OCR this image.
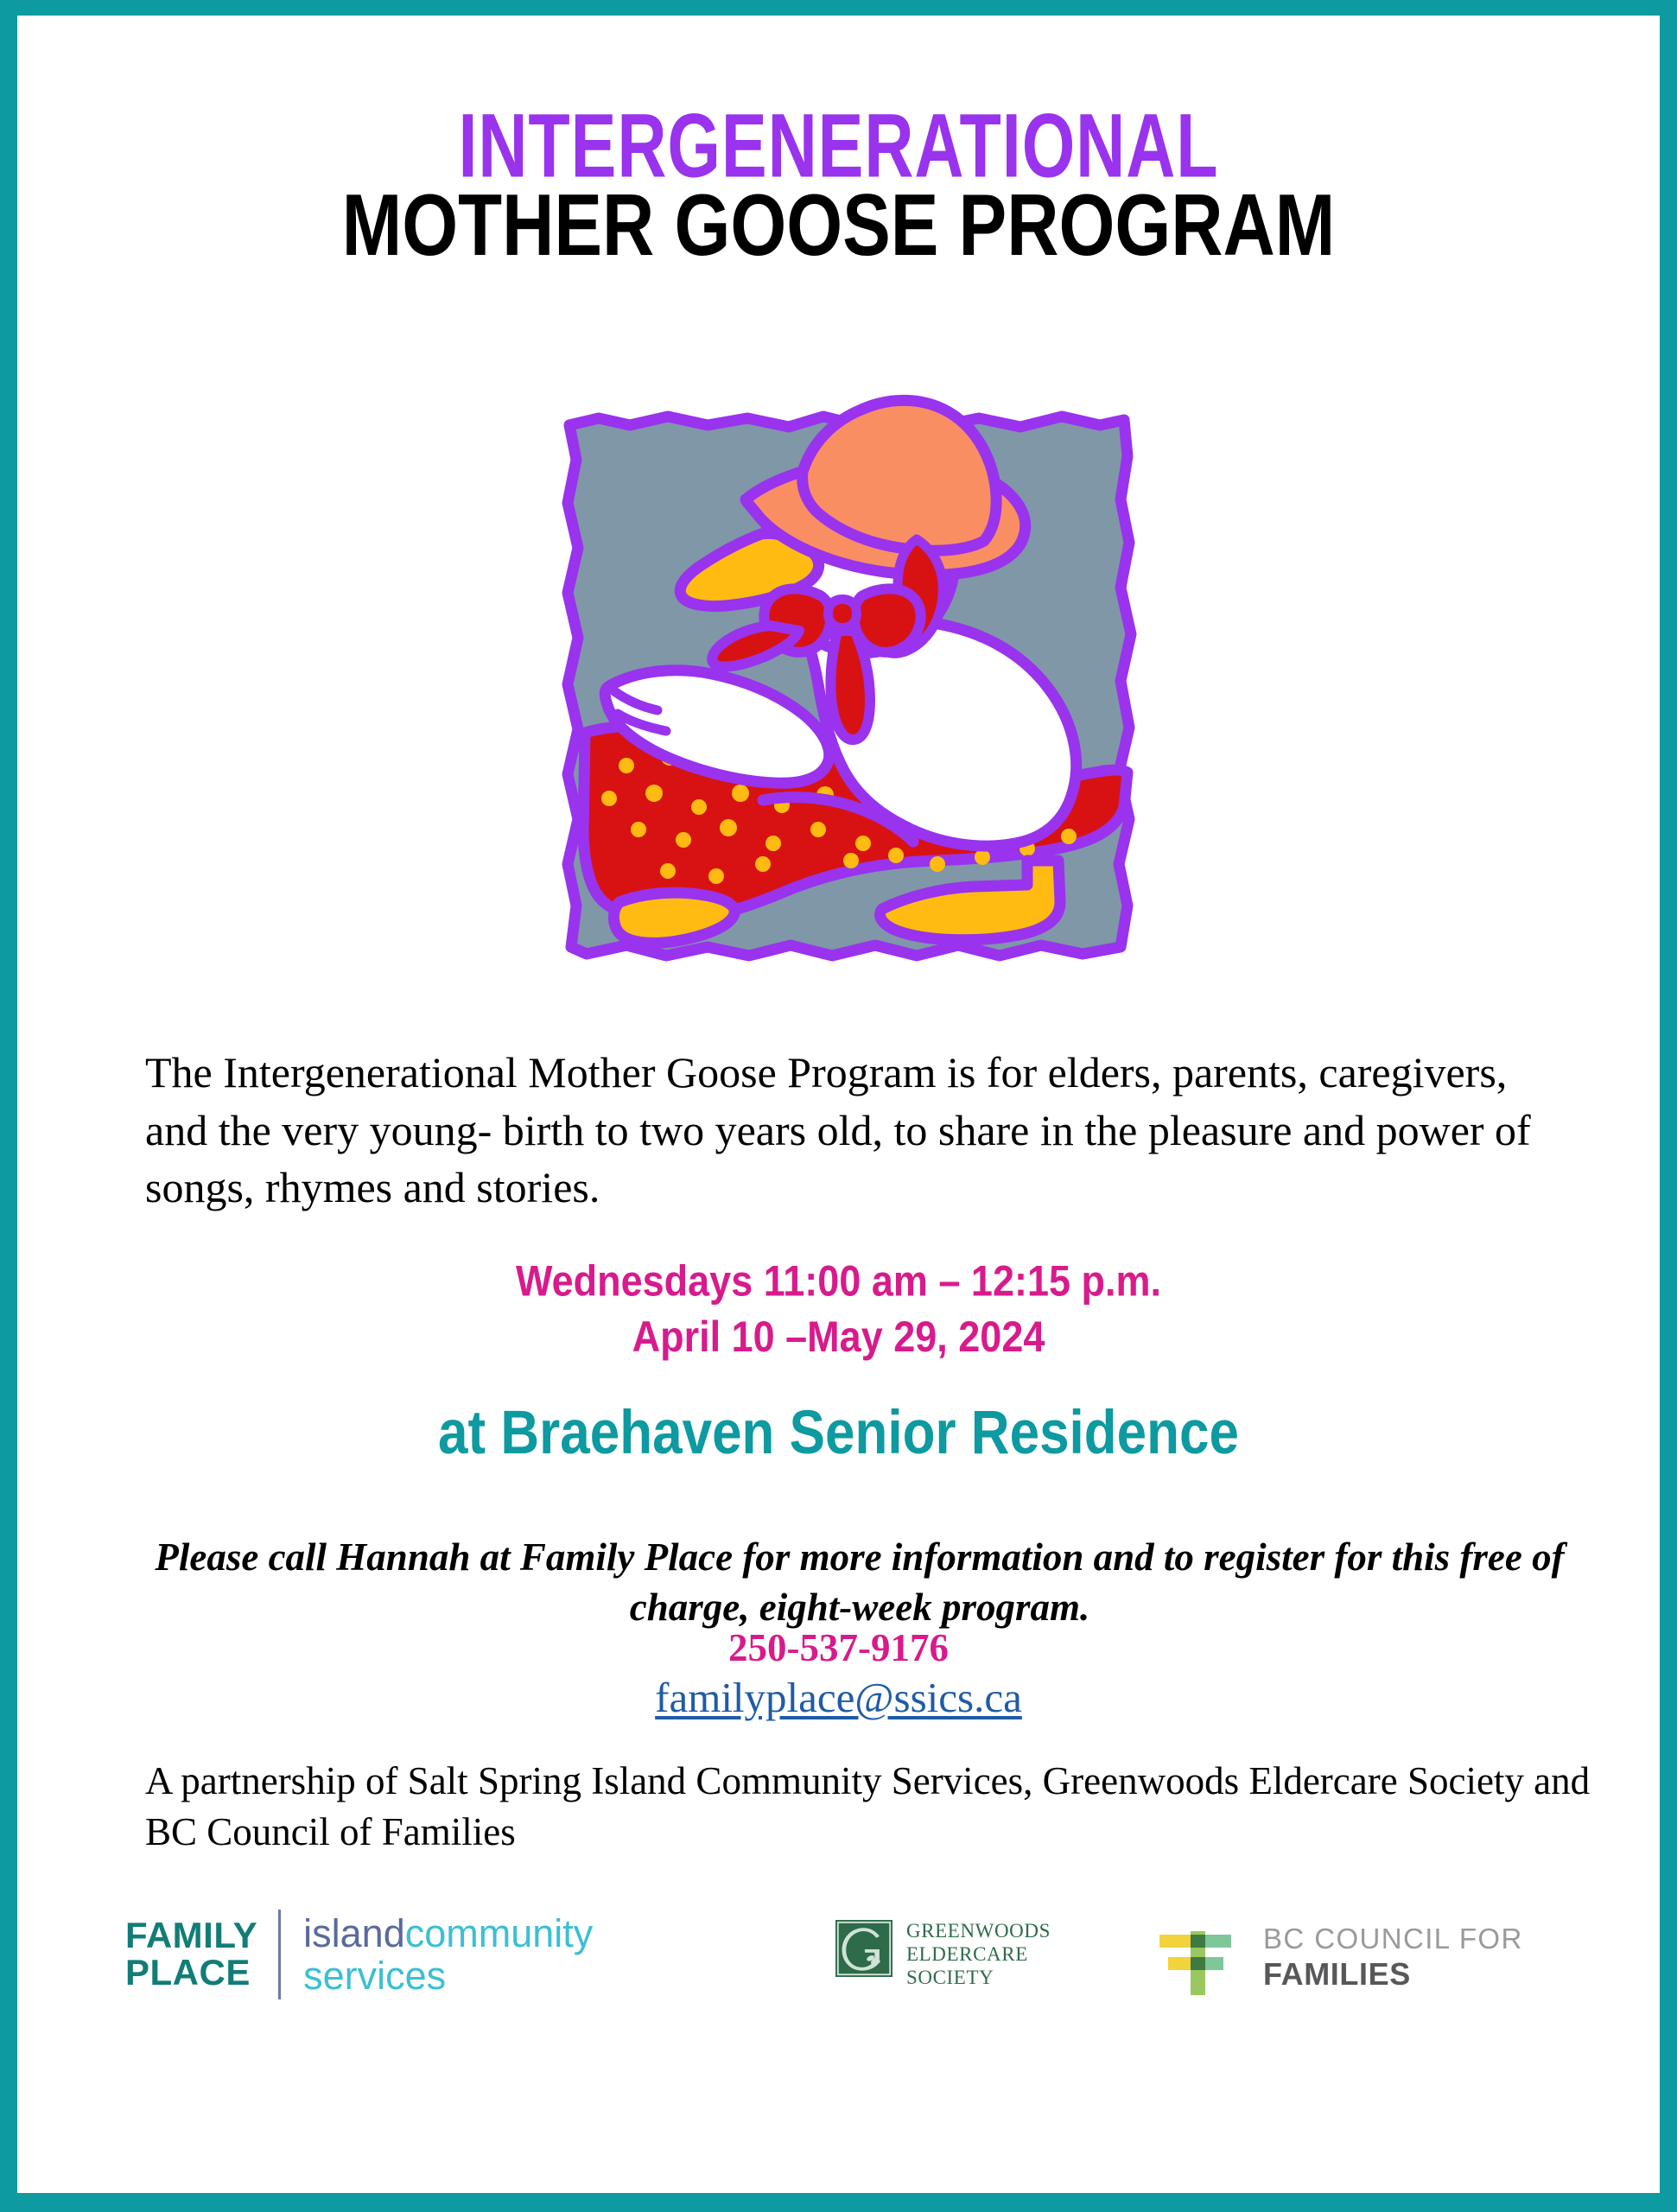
INTERGENERATIONAL
MOTHER GOOSE PROGRAM

The Intergenerational Mother Goose Program is for elders, parents, caregivers, and the very young- birth to two years old, to share in the pleasure and power of songs, rhymes and stories.

Wednesdays 11:00 am – 12:15 p.m.
April 10 –May 29, 2024

at Braehaven Senior Residence

Please call Hannah at Family Place for more information and to register for this free of charge, eight-week program.

250-537-9176

familyplace@ssics.ca

A partnership of Salt Spring Island Community Services, Greenwoods Eldercare Society and BC Council of Families

FAMILY
PLACE
islandcommunity
services
GREENWOODS
ELDERCARE
SOCIETY
BC COUNCIL FOR
FAMILIES
